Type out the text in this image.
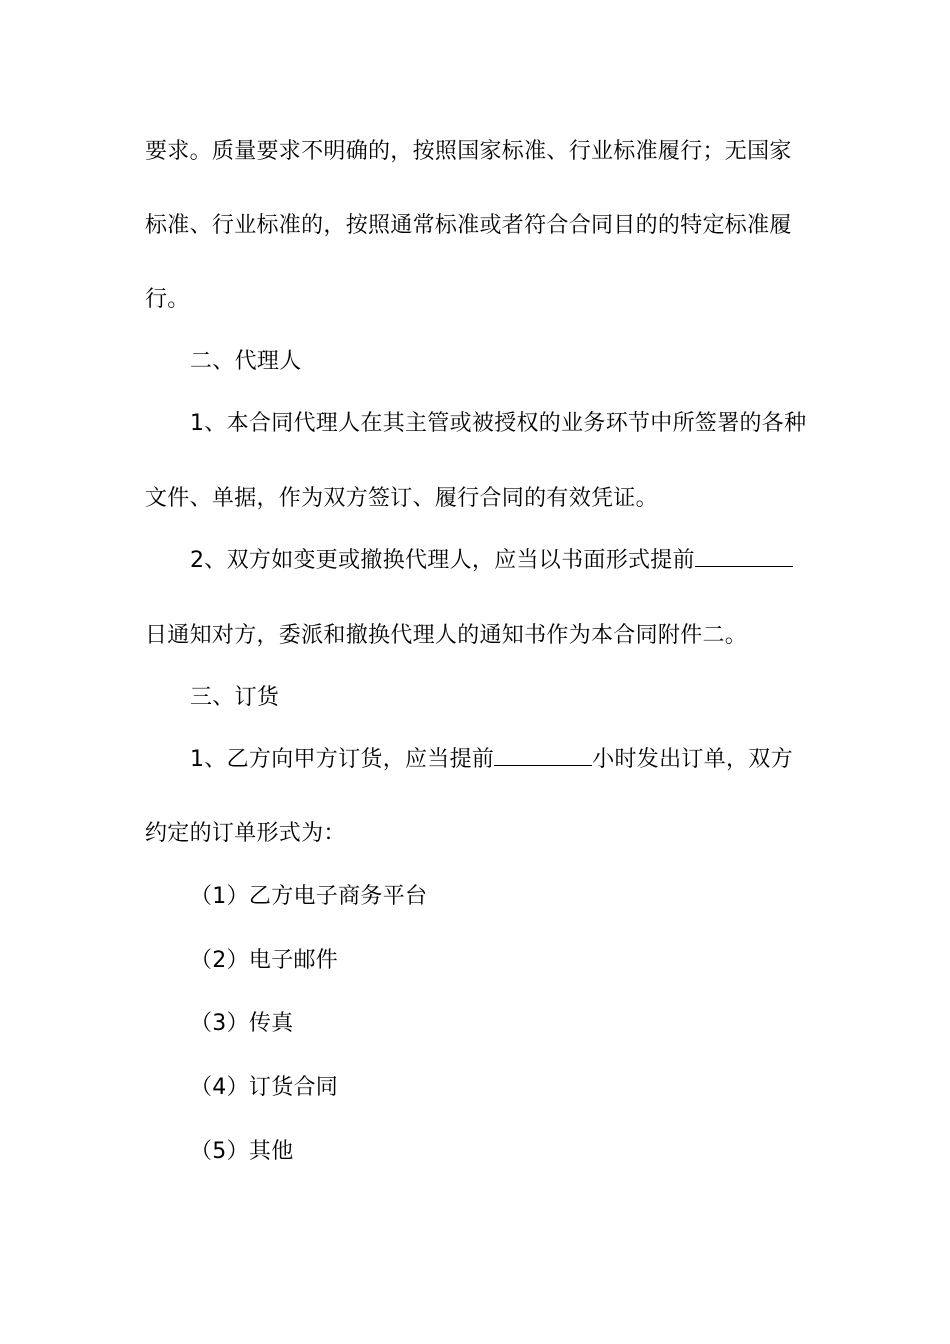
要求。质量要求不明确的，按照国家标准、行业标准履行；无国家
标准、行业标准的，按照通常标准或者符合合同目的的特定标准履
行。
二、代理人
1、本合同代理人在其主管或被授权的业务环节中所签署的各种
文件、单据，作为双方签订、履行合同的有效凭证。
2、双方如变更或撤换代理人，应当以书面形式提前
日通知对方，委派和撤换代理人的通知书作为本合同附件二。
三、订货
1、乙方向甲方订货，应当提前	小时发出订单，双方
约定的订单形式为：
（1）乙方电子商务平台
（2）电子邮件
（3）传真
（4）订货合同
（5）其他
